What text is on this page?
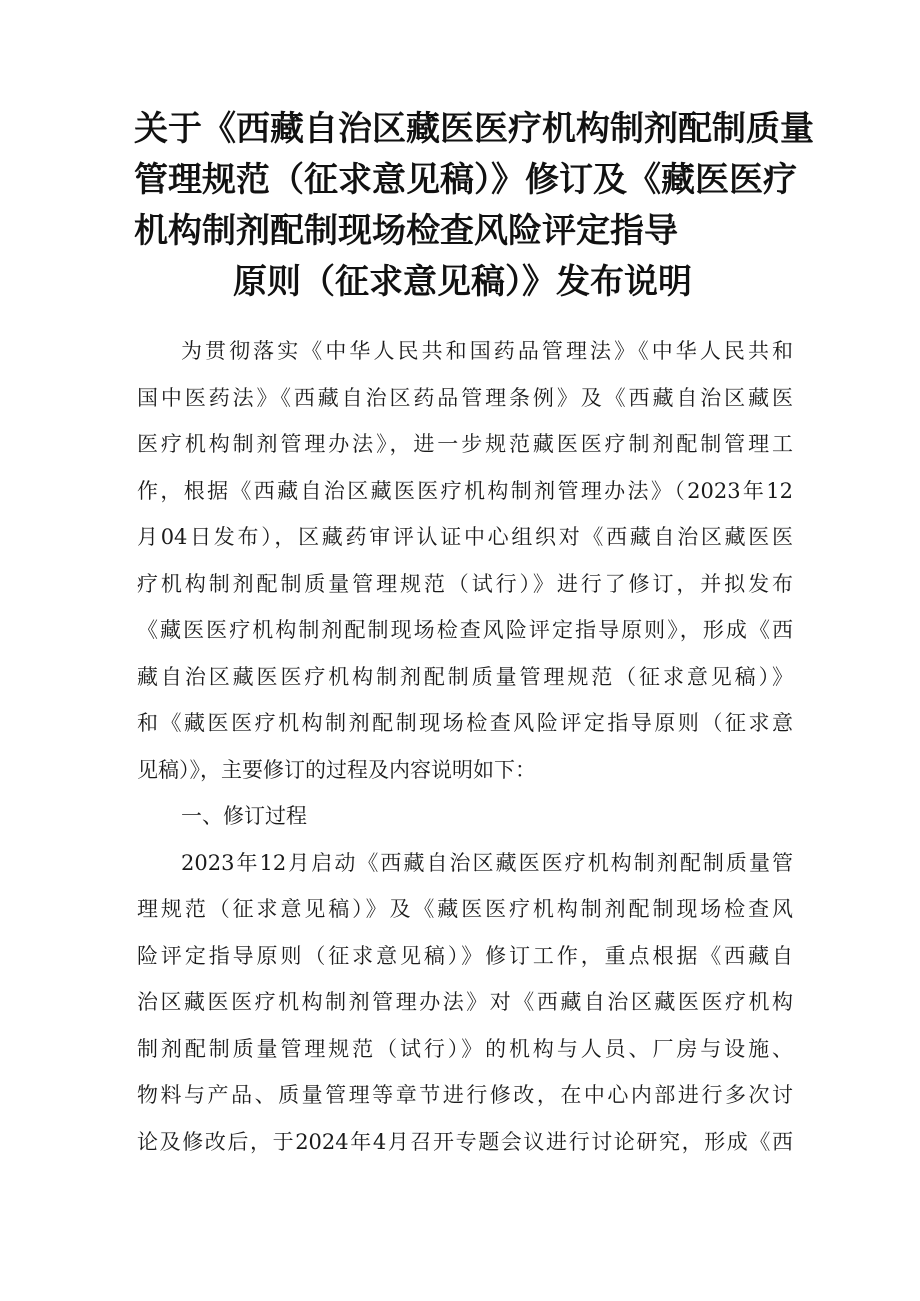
关于《西藏自治区藏医医疗机构制剂配制质量
管理规范（征求意见稿）》修订及《藏医医疗
机构制剂配制现场检查风险评定指导
原则（征求意见稿）》发布说明
为贯彻落实《中华人民共和国药品管理法》《中华人民共和
国中医药法》《西藏自治区药品管理条例》及《西藏自治区藏医
医疗机构制剂管理办法》，进一步规范藏医医疗制剂配制管理工
作，根据《西藏自治区藏医医疗机构制剂管理办法》（2023年12
月04日发布），区藏药审评认证中心组织对《西藏自治区藏医医
疗机构制剂配制质量管理规范（试行）》进行了修订，并拟发布
《藏医医疗机构制剂配制现场检查风险评定指导原则》，形成《西
藏自治区藏医医疗机构制剂配制质量管理规范（征求意见稿）》
和《藏医医疗机构制剂配制现场检查风险评定指导原则（征求意
见稿）》，主要修订的过程及内容说明如下：
一、修订过程
2023年12月启动《西藏自治区藏医医疗机构制剂配制质量管
理规范（征求意见稿）》及《藏医医疗机构制剂配制现场检查风
险评定指导原则（征求意见稿）》修订工作，重点根据《西藏自
治区藏医医疗机构制剂管理办法》对《西藏自治区藏医医疗机构
制剂配制质量管理规范（试行）》的机构与人员、厂房与设施、
物料与产品、质量管理等章节进行修改，在中心内部进行多次讨
论及修改后，于2024年4月召开专题会议进行讨论研究，形成《西
